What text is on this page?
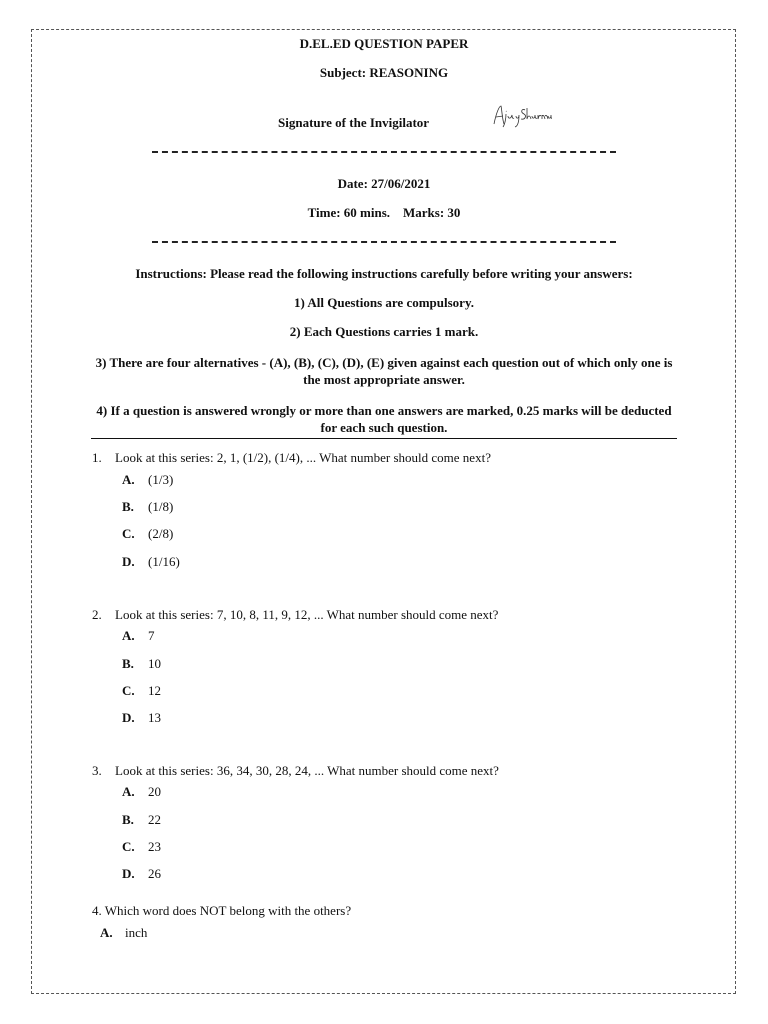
D.EL.ED QUESTION PAPER
Subject: REASONING
Signature of the Invigilator
Date: 27/06/2021
Time: 60 mins.    Marks: 30
Instructions: Please read the following instructions carefully before writing your answers:
1) All Questions are compulsory.
2) Each Questions carries 1 mark.
3) There are four alternatives - (A), (B), (C), (D), (E) given against each question out of which only one is the most appropriate answer.
4) If a question is answered wrongly or more than one answers are marked, 0.25 marks will be deducted for each such question.
1. Look at this series: 2, 1, (1/2), (1/4), ... What number should come next?
A. (1/3)
B. (1/8)
C. (2/8)
D. (1/16)
2. Look at this series: 7, 10, 8, 11, 9, 12, ... What number should come next?
A. 7
B. 10
C. 12
D. 13
3. Look at this series: 36, 34, 30, 28, 24, ... What number should come next?
A. 20
B. 22
C. 23
D. 26
4. Which word does NOT belong with the others?
A. inch
